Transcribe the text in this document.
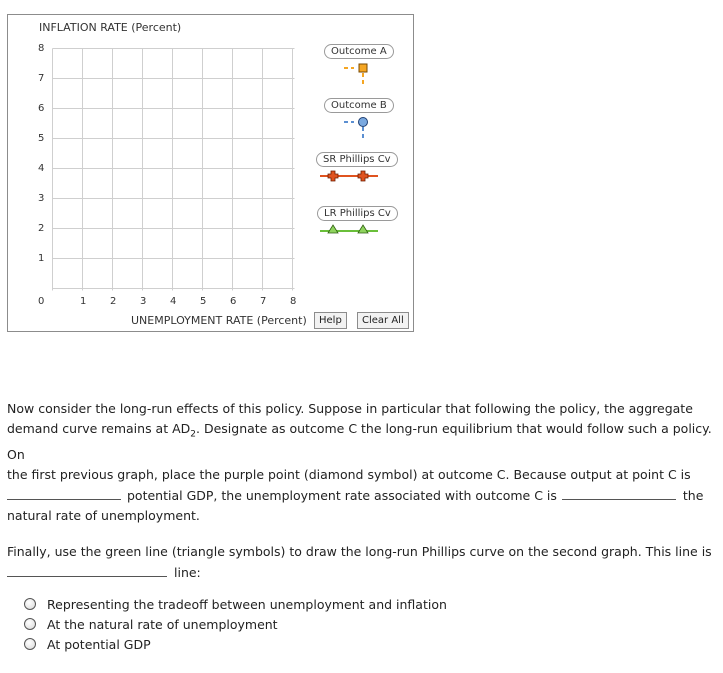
INFLATION RATE (Percent)
8
7
6
5
4
3
2
1
0	1 2 3 4 5 6 7 8
UNEMPLOYMENT RATE (Percent)
Outcome A
Outcome B
SR Phillips Cv
LR Phillips Cv
Help	Clear All

Now consider the long-run effects of this policy. Suppose in particular that following the policy, the aggregate

demand curve remains at $AD_2$. Designate as outcome C the long-run equilibrium that would follow such a policy. On

the first previous graph, place the purple point (diamond symbol) at outcome C. Because output at point C is

potential GDP, the unemployment rate associated with outcome C is	the

natural rate of unemployment.

Finally, use the green line (triangle symbols) to draw the long-run Phillips curve on the second graph. This line is

line:

Representing the tradeoff between unemployment and inflation
At the natural rate of unemployment
At potential GDP
